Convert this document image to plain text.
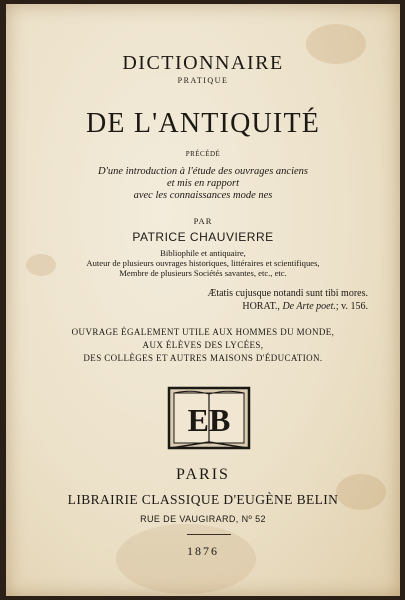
DICTIONNAIRE
PRATIQUE
DE L'ANTIQUITÉ
PRÉCÉDÉ
D'une introduction à l'étude des ouvrages anciens
et mis en rapport
avec les connaissances mode nes
PAR
PATRICE CHAUVIERRE
Bibliophile et antiquaire,
Auteur de plusieurs ouvrages historiques, littéraires et scientifiques,
Membre de plusieurs Sociétés savantes, etc., etc.
Ætatis cujusque notandi sunt tibi mores.
HORAT., De Arte poet.; v. 156.
OUVRAGE ÉGALEMENT UTILE AUX HOMMES DU MONDE,
AUX ÉLÈVES DES LYCÉES,
DES COLLÈGES ET AUTRES MAISONS D'ÉDUCATION.
EB
PARIS
LIBRAIRIE CLASSIQUE D'EUGÈNE BELIN
RUE DE VAUGIRARD, Nº 52
1876
